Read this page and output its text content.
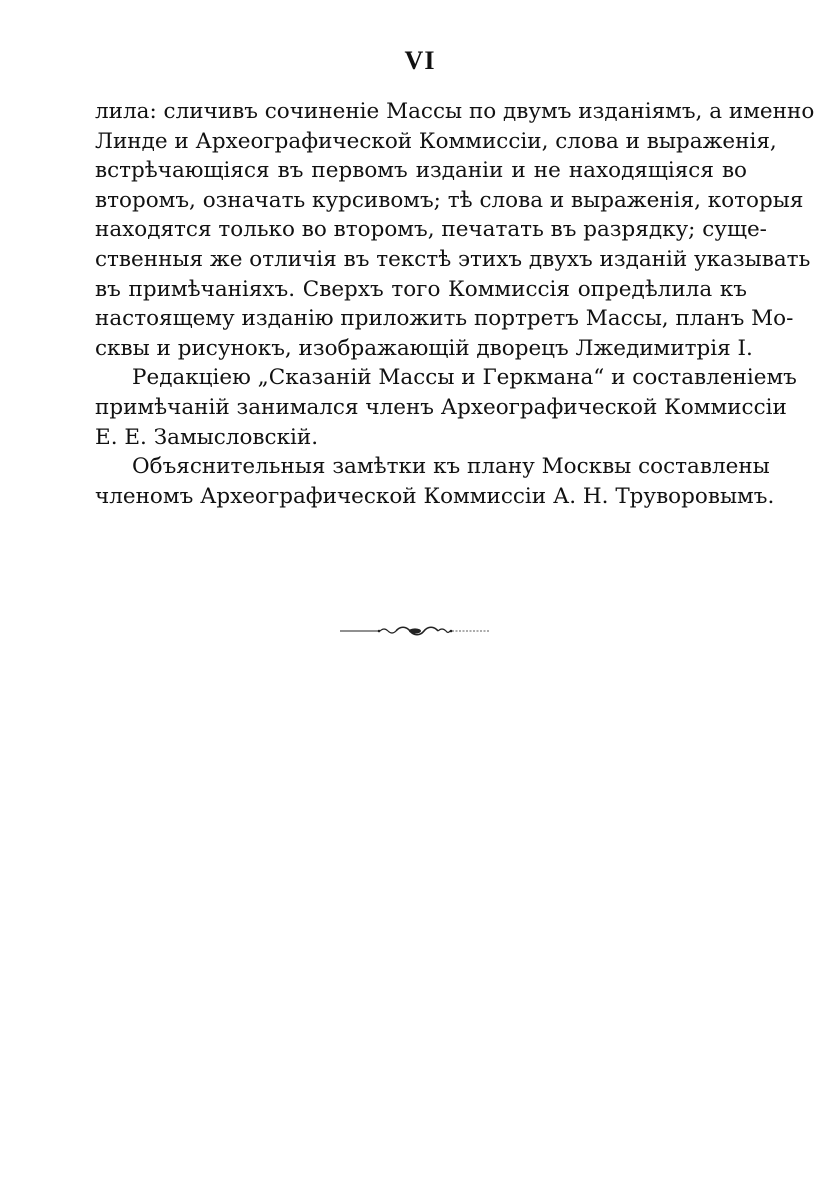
VI
лила: сличивъ сочиненіе Массы по двумъ изданіямъ, а именно
Линде и Археографической Коммиссіи, слова и выраженія,
встрѣчающіяся въ первомъ изданіи и не находящіяся во
второмъ, означать курсивомъ; тѣ слова и выраженія, которыя
находятся только во второмъ, печатать въ разрядку; суще-
ственныя же отличія въ текстѣ этихъ двухъ изданій указывать
въ примѣчаніяхъ. Сверхъ того Коммиссія опредѣлила къ
настоящему изданію приложить портретъ Массы, планъ Мо-
сквы и рисунокъ, изображающій дворецъ Лжедимитрія І.
Редакціею „Сказаній Массы и Геркмана“ и составленіемъ
примѣчаній занимался членъ Археографической Коммиссіи
Е. Е. Замысловскій.
Объяснительныя замѣтки къ плану Москвы составлены
членомъ Археографической Коммиссіи А. Н. Труворовымъ.
